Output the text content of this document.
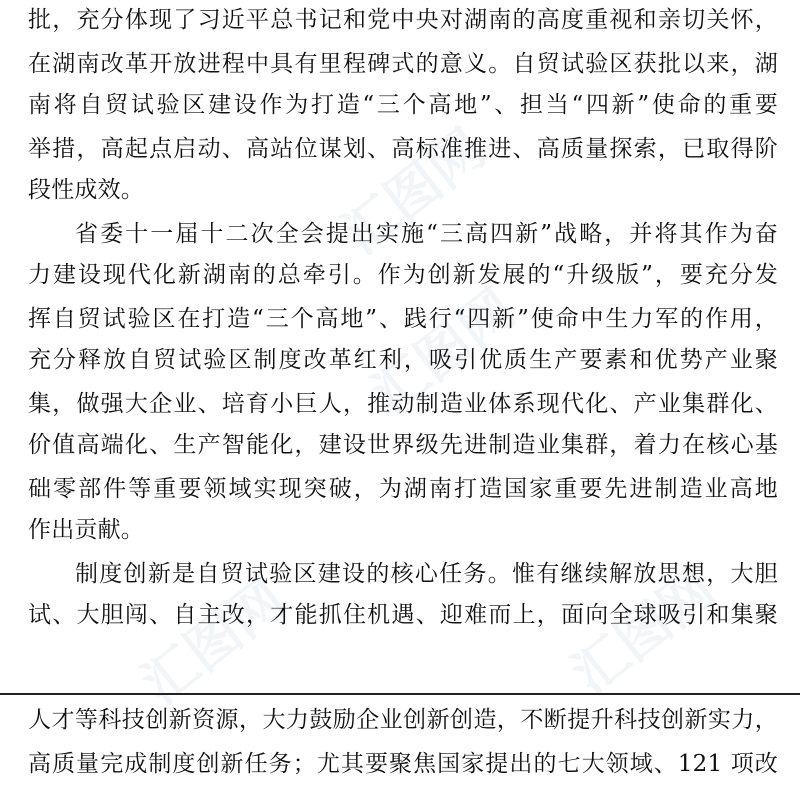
汇图网
汇图网
汇图网
汇图网
批，充分体现了习近平总书记和党中央对湖南的高度重视和亲切关怀，
在湖南改革开放进程中具有里程碑式的意义。自贸试验区获批以来，湖
南将自贸试验区建设作为打造“三个高地”、担当“四新”使命的重要
举措，高起点启动、高站位谋划、高标准推进、高质量探索，已取得阶
段性成效。
省委十一届十二次全会提出实施“三高四新”战略，并将其作为奋
力建设现代化新湖南的总牵引。作为创新发展的“升级版”，要充分发
挥自贸试验区在打造“三个高地”、践行“四新”使命中生力军的作用，
充分释放自贸试验区制度改革红利，吸引优质生产要素和优势产业聚
集，做强大企业、培育小巨人，推动制造业体系现代化、产业集群化、
价值高端化、生产智能化，建设世界级先进制造业集群，着力在核心基
础零部件等重要领域实现突破，为湖南打造国家重要先进制造业高地
作出贡献。
制度创新是自贸试验区建设的核心任务。惟有继续解放思想，大胆
试、大胆闯、自主改，才能抓住机遇、迎难而上，面向全球吸引和集聚
人才等科技创新资源，大力鼓励企业创新创造，不断提升科技创新实力，
高质量完成制度创新任务；尤其要聚焦国家提出的七大领域、121 项改
